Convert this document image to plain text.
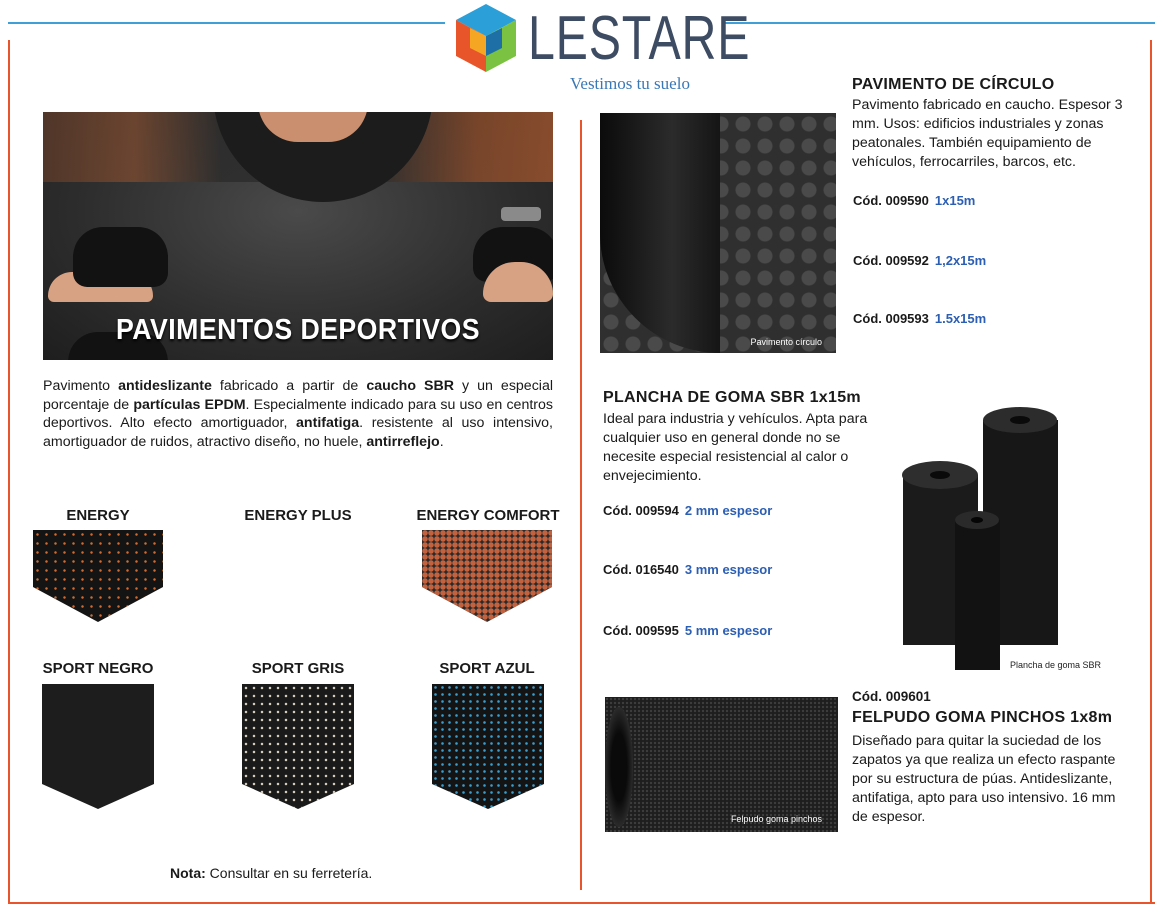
LESTARE
Vestimos tu suelo
PAVIMENTOS DEPORTIVOS
Pavimento antideslizante fabricado a partir de caucho SBR y un especial porcentaje de partículas EPDM. Especialmente indicado para su uso en centros deportivos. Alto efecto amortiguador, antifatiga. resistente al uso intensivo, amortiguador de ruidos, atractivo diseño, no huele, antirreflejo.
ENERGY	ENERGY PLUS	ENERGY COMFORT
SPORT NEGRO	SPORT GRIS	SPORT AZUL
Nota: Consultar en su ferretería.
Pavimento círculo
PAVIMENTO DE CÍRCULO
Pavimento fabricado en caucho. Espesor 3 mm. Usos: edificios industriales y zonas peatonales. También equipamiento de vehículos, ferrocarriles, barcos, etc.
Cód. 009590 1x15m
Cód. 009592 1,2x15m
Cód. 009593 1.5x15m
PLANCHA DE GOMA SBR 1x15m
Ideal para industria y vehículos. Apta para cualquier uso en general donde no se necesite especial resistencial al calor o envejecimiento.
Cód. 009594 2 mm espesor
Cód. 016540 3 mm espesor
Cód. 009595 5 mm espesor
Plancha de goma SBR
Felpudo goma pinchos
Cód. 009601
FELPUDO GOMA PINCHOS 1x8m
Diseñado para quitar la suciedad de los zapatos ya que realiza un efecto raspante por su estructura de púas. Antideslizante, antifatiga, apto para uso intensivo. 16 mm de espesor.
